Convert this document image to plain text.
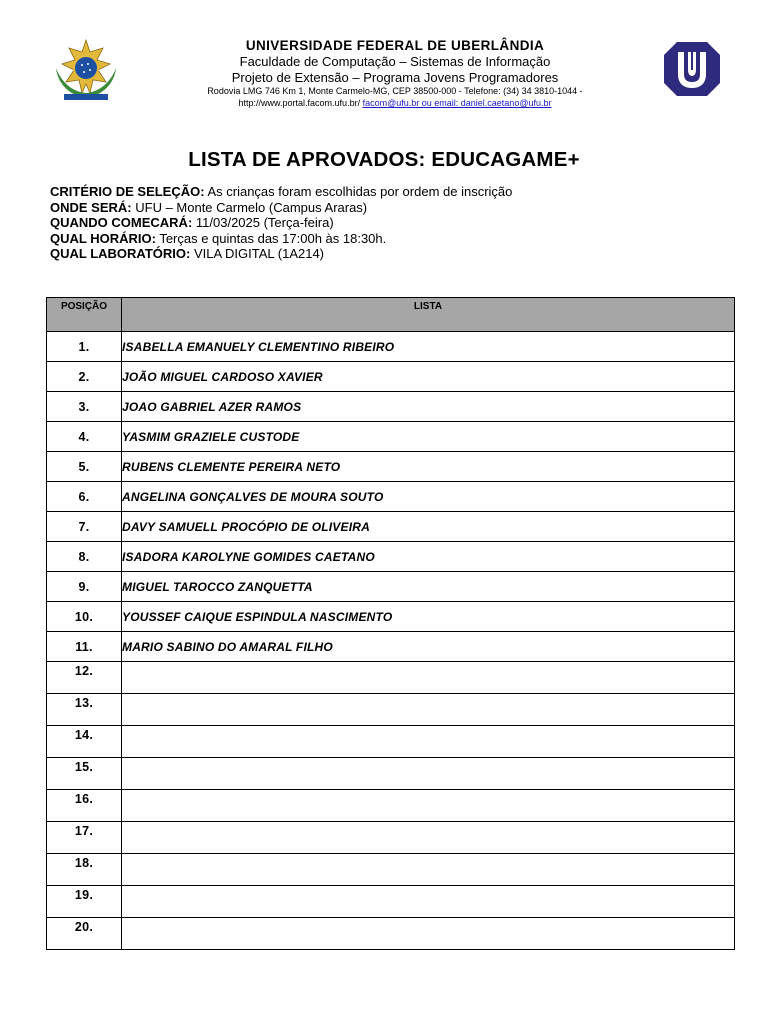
UNIVERSIDADE FEDERAL DE UBERLÂNDIA
Faculdade de Computação – Sistemas de Informação
Projeto de Extensão – Programa Jovens Programadores
Rodovia LMG 746 Km 1, Monte Carmelo-MG, CEP 38500-000 - Telefone: (34) 34 3810-1044 -
http://www.portal.facom.ufu.br/ facom@ufu.br ou email: daniel.caetano@ufu.br
LISTA DE APROVADOS: EDUCAGAME+
CRITÉRIO DE SELEÇÃO: As crianças foram escolhidas por ordem de inscrição
ONDE SERÁ: UFU – Monte Carmelo (Campus Araras)
QUANDO COMECARÁ: 11/03/2025 (Terça-feira)
QUAL HORÁRIO: Terças e quintas das 17:00h às 18:30h.
QUAL LABORATÓRIO: VILA DIGITAL (1A214)
POSIÇÃO	LISTA
1.	ISABELLA EMANUELY CLEMENTINO RIBEIRO
2.	JOÃO MIGUEL CARDOSO XAVIER
3.	JOAO GABRIEL AZER RAMOS
4.	YASMIM GRAZIELE CUSTODE
5.	RUBENS CLEMENTE PEREIRA NETO
6.	ANGELINA GONÇALVES DE MOURA SOUTO
7.	DAVY SAMUELL PROCÓPIO DE OLIVEIRA
8.	ISADORA KAROLYNE GOMIDES CAETANO
9.	MIGUEL TAROCCO ZANQUETTA
10.	YOUSSEF CAIQUE ESPINDULA NASCIMENTO
11.	MARIO SABINO DO AMARAL FILHO
12.	
13.	
14.	
15.	
16.	
17.	
18.	
19.	
20.	
